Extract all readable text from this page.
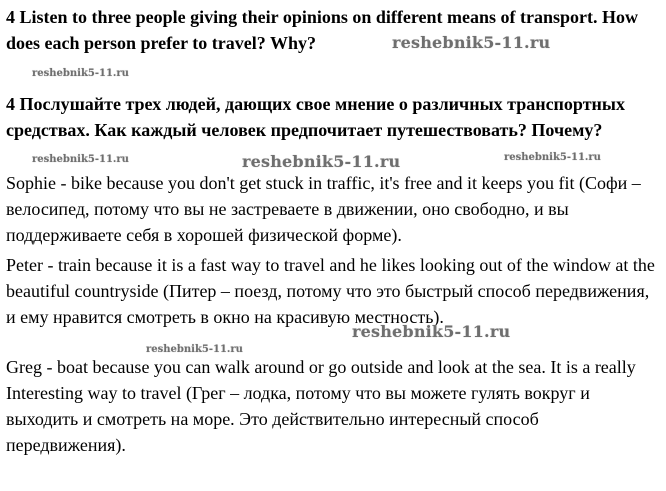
4 Listen to three people giving their opinions on different means of transport. How does each person prefer to travel? Why?

4 Послушайте трех людей, дающих свое мнение о различных транспортных средствах. Как каждый человек предпочитает путешествовать? Почему?

Sophie - bike because you don't get stuck in traffic, it's free and it keeps you fit (Софи – велосипед, потому что вы не застреваете в движении, оно свободно, и вы поддерживаете себя в хорошей физической форме).

Peter - train because it is a fast way to travel and he likes looking out of the window at the beautiful countryside (Питер – поезд, потому что это быстрый способ передвижения, и ему нравится смотреть в окно на красивую местность).

Greg - boat because you can walk around or go outside and look at the sea. It is a really Interesting way to travel (Грег – лодка, потому что вы можете гулять вокруг и выходить и смотреть на море. Это действительно интересный способ передвижения).

reshebnik5-11.ru
reshebnik5-11.ru
reshebnik5-11.ru	reshebnik5-11.ru	reshebnik5-11.ru
reshebnik5-11.ru
reshebnik5-11.ru
